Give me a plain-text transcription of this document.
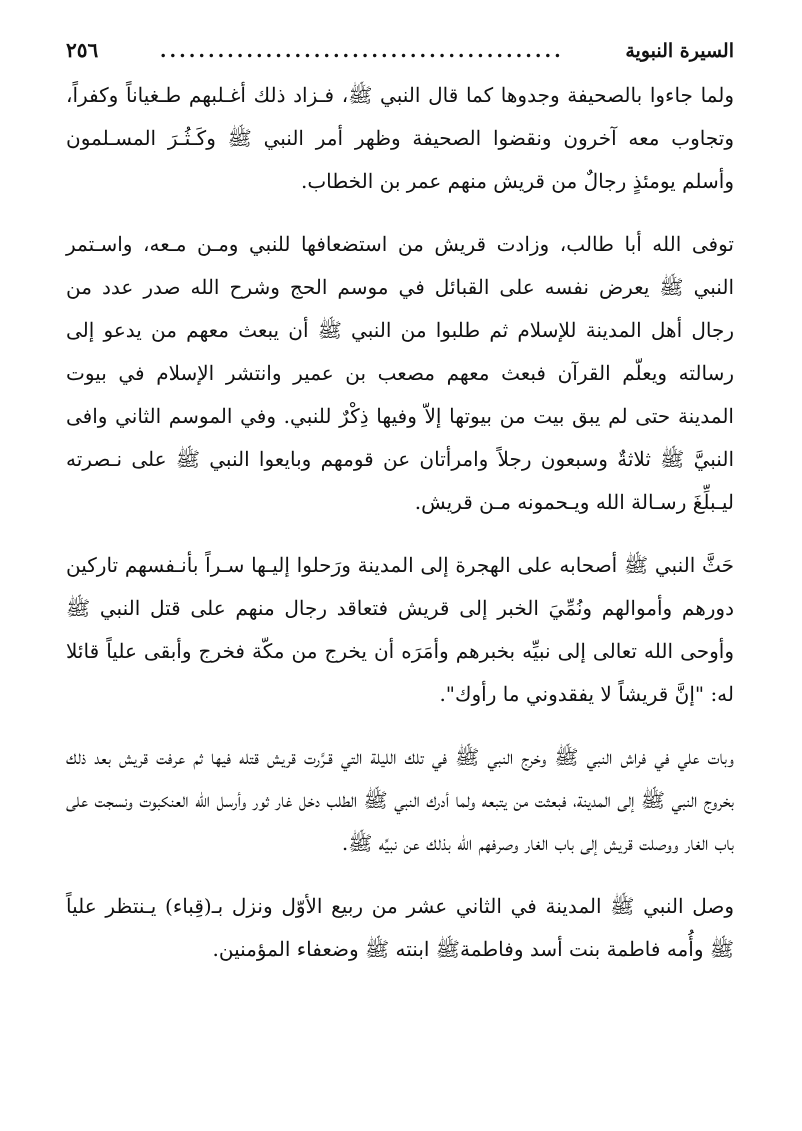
السيرة النبوية
..........................................
٢٥٦

ولما جاءوا بالصحيفة وجدوها كما قال النبي ﷺ، فـزاد ذلك أغـلبهم طـغياناً وكفراً، وتجاوب معه آخرون ونقضوا الصحيفة وظهر أمر النبي ﷺ وكَـثُـرَ المسـلمون وأسلم يومئذٍ رجالٌ من قريش منهم عمر بن الخطاب.

توفى الله أبا طالب، وزادت قريش من استضعافها للنبي ومـن مـعه، واسـتمر النبي ﷺ يعرض نفسه على القبائل في موسم الحج وشرح الله صدر عدد من رجال أهل المدينة للإسلام ثم طلبوا من النبي ﷺ أن يبعث معهم من يدعو إلى رسالته ويعلّم القرآن فبعث معهم مصعب بن عمير وانتشر الإسلام في بيوت المدينة حتى لم يبق بيت من بيوتها إلاّ وفيها ذِكْرٌ للنبي. وفي الموسم الثاني وافى النبيَّ ﷺ ثلاثةٌ وسبعون رجلاً وامرأتان عن قومهم وبايعوا النبي ﷺ على نـصرته ليـبلِّغَ رسـالة الله ويـحمونه مـن قريش.

حَثَّ النبي ﷺ أصحابه على الهجرة إلى المدينة ورَحلوا إليـها سـراً بأنـفسهم تاركين دورهم وأموالهم ونُمِّيَ الخبر إلى قريش فتعاقد رجال منهم على قتل النبي ﷺ وأوحى الله تعالى إلى نبيِّه بخبرهم وأمَرَه أن يخرج من مكّة فخرج وأبقى علياً قائلا له: "إنَّ قريشاً لا يفقدوني ما رأوك".

وبات علي في فراش النبي ﷺ وخرج النبي ﷺ في تلك الليلة التي قـرَّرت قريش قتله فيها ثم عرفت قريش بعد ذلك بخروج النبي ﷺ إلى المدينة، فبعثت من يتبعه ولما أدرك النبي ﷺ الطلب دخل غار ثور وأرسل الله العنكبوت ونسجت على باب الغار ووصلت قريش إلى باب الغار وصرفهم الله بذلك عن نبيِّه ﷺ.

وصل النبي ﷺ المدينة في الثاني عشر من ربيع الأوّل ونزل بـ(قِباء) يـنتظر علياً ﷺ وأُمه فاطمة بنت أسد وفاطمةﷺ ابنته ﷺ وضعفاء المؤمنين.
